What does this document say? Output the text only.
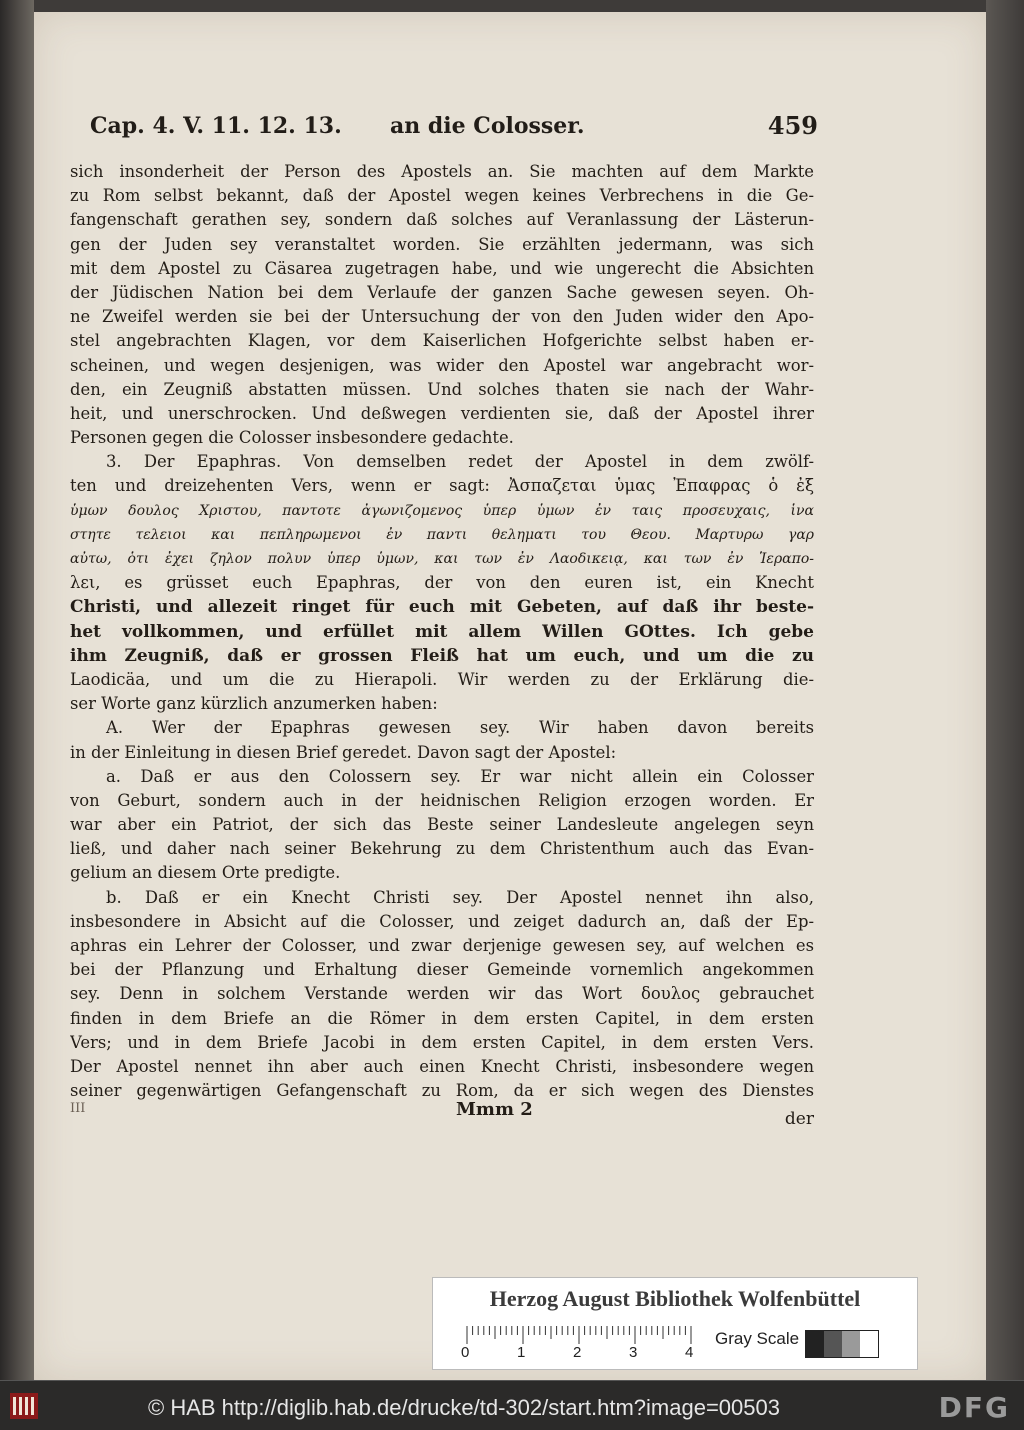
Cap. 4. V. 11. 12. 13. an die Colosser.	459
sich insonderheit der Person des Apostels an. Sie machten auf dem Markte
zu Rom selbst bekannt, daß der Apostel wegen keines Verbrechens in die Ge-
fangenschaft gerathen sey, sondern daß solches auf Veranlassung der Lästerun-
gen der Juden sey veranstaltet worden. Sie erzählten jedermann, was sich
mit dem Apostel zu Cäsarea zugetragen habe, und wie ungerecht die Absichten
der Jüdischen Nation bei dem Verlaufe der ganzen Sache gewesen seyen. Oh-
ne Zweifel werden sie bei der Untersuchung der von den Juden wider den Apo-
stel angebrachten Klagen, vor dem Kaiserlichen Hofgerichte selbst haben er-
scheinen, und wegen desjenigen, was wider den Apostel war angebracht wor-
den, ein Zeugniß abstatten müssen. Und solches thaten sie nach der Wahr-
heit, und unerschrocken. Und deßwegen verdienten sie, daß der Apostel ihrer
Personen gegen die Colosser insbesondere gedachte.
3. Der Epaphras. Von demselben redet der Apostel in dem zwölf-
ten und dreizehenten Vers, wenn er sagt: Ἀσπαζεται ὑμας Ἐπαφρας ὁ ἐξ
ὑμων δουλος Χριστου, παντοτε ἀγωνιζομενος ὑπερ ὑμων ἐν ταις προσευχαις, ἱνα
στητε τελειοι και πεπληρωμενοι ἐν παντι θεληματι του Θεου. Μαρτυρω γαρ
αὐτω, ὁτι ἐχει ζηλον πολυν ὑπερ ὑμων, και των ἐν Λαοδικειᾳ, και των ἐν Ἱεραπο-
λει, es grüsset euch Epaphras, der von den euren ist, ein Knecht
Christi, und allezeit ringet für euch mit Gebeten, auf daß ihr beste-
het vollkommen, und erfüllet mit allem Willen GOttes. Ich gebe
ihm Zeugniß, daß er grossen Fleiß hat um euch, und um die zu
Laodicäa, und um die zu Hierapoli. Wir werden zu der Erklärung die-
ser Worte ganz kürzlich anzumerken haben:
A. Wer der Epaphras gewesen sey. Wir haben davon bereits
in der Einleitung in diesen Brief geredet. Davon sagt der Apostel:
a. Daß er aus den Colossern sey. Er war nicht allein ein Colosser
von Geburt, sondern auch in der heidnischen Religion erzogen worden. Er
war aber ein Patriot, der sich das Beste seiner Landesleute angelegen seyn
ließ, und daher nach seiner Bekehrung zu dem Christenthum auch das Evan-
gelium an diesem Orte predigte.
b. Daß er ein Knecht Christi sey. Der Apostel nennet ihn also,
insbesondere in Absicht auf die Colosser, und zeiget dadurch an, daß der Ep-
aphras ein Lehrer der Colosser, und zwar derjenige gewesen sey, auf welchen es
bei der Pflanzung und Erhaltung dieser Gemeinde vornemlich angekommen
sey. Denn in solchem Verstande werden wir das Wort δουλος gebrauchet
finden in dem Briefe an die Römer in dem ersten Capitel, in dem ersten
Vers; und in dem Briefe Jacobi in dem ersten Capitel, in dem ersten Vers.
Der Apostel nennet ihn aber auch einen Knecht Christi, insbesondere wegen
seiner gegenwärtigen Gefangenschaft zu Rom, da er sich wegen des Dienstes
III	Mmm 2	der
Herzog August Bibliothek Wolfenbüttel
0	1	2	3	4
Gray Scale
© HAB http://diglib.hab.de/drucke/td-302/start.htm?image=00503	DFG
